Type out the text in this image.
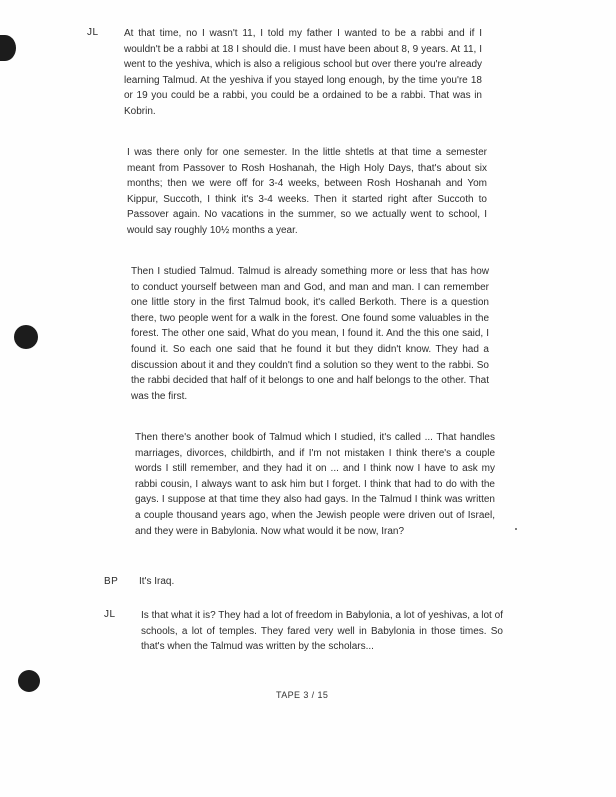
JL	At that time, no I wasn't 11, I told my father I wanted to be a rabbi and if I wouldn't be a rabbi at 18 I should die. I must have been about 8, 9 years. At 11, I went to the yeshiva, which is also a religious school but over there you're already learning Talmud. At the yeshiva if you stayed long enough, by the time you're 18 or 19 you could be a rabbi, you could be a ordained to be a rabbi. That was in Kobrin.

I was there only for one semester. In the little shtetls at that time a semester meant from Passover to Rosh Hoshanah, the High Holy Days, that's about six months; then we were off for 3-4 weeks, between Rosh Hoshanah and Yom Kippur, Succoth, I think it's 3-4 weeks. Then it started right after Succoth to Passover again. No vacations in the summer, so we actually went to school, I would say roughly 10½ months a year.

Then I studied Talmud. Talmud is already something more or less that has how to conduct yourself between man and God, and man and man. I can remember one little story in the first Talmud book, it's called Berkoth. There is a question there, two people went for a walk in the forest. One found some valuables in the forest. The other one said, What do you mean, I found it. And the this one said, I found it. So each one said that he found it but they didn't know. They had a discussion about it and they couldn't find a solution so they went to the rabbi. So the rabbi decided that half of it belongs to one and half belongs to the other. That was the first.

Then there's another book of Talmud which I studied, it's called ... That handles marriages, divorces, childbirth, and if I'm not mistaken I think there's a couple words I still remember, and they had it on ... and I think now I have to ask my rabbi cousin, I always want to ask him but I forget. I think that had to do with the gays. I suppose at that time they also had gays. In the Talmud I think was written a couple thousand years ago, when the Jewish people were driven out of Israel, and they were in Babylonia. Now what would it be now, Iran?

BP It's Iraq.

JL	Is that what it is? They had a lot of freedom in Babylonia, a lot of yeshivas, a lot of schools, a lot of temples. They fared very well in Babylonia in those times. So that's when the Talmud was written by the scholars...

TAPE 3 / 15
